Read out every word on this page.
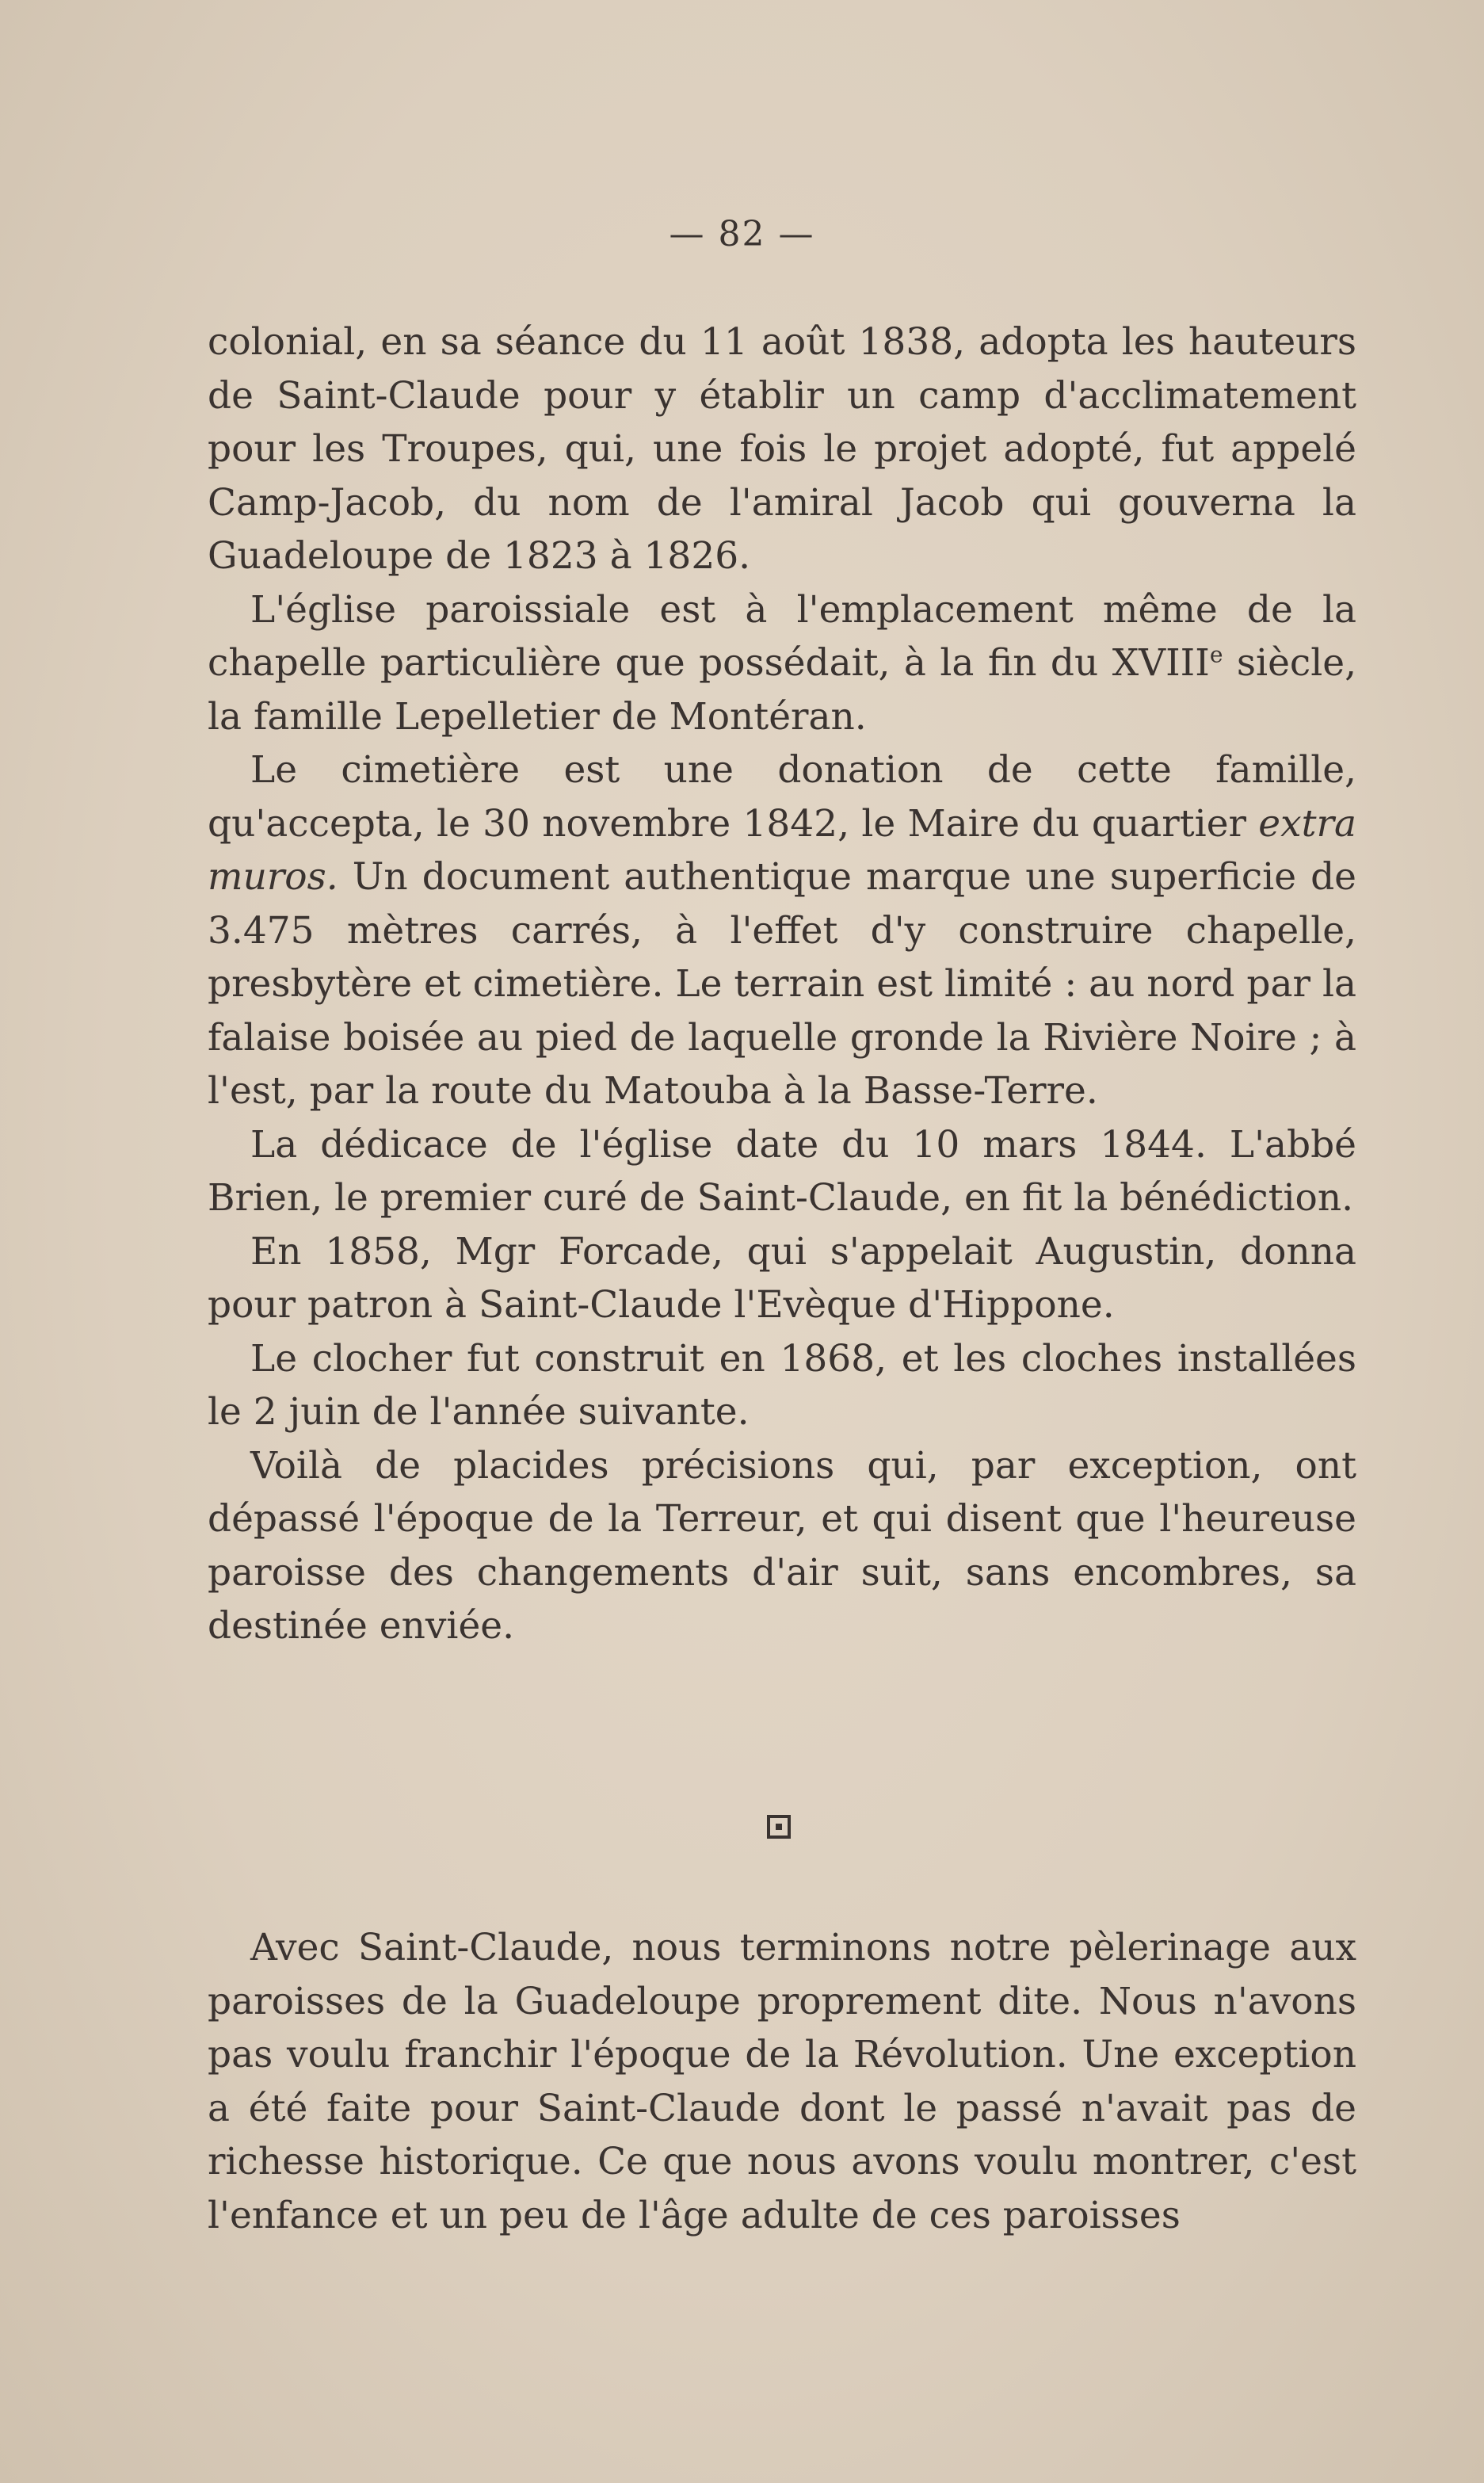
— 82 —

colonial, en sa séance du 11 août 1838, adopta les hauteurs de Saint-Claude pour y établir un camp d'acclimatement pour les Troupes, qui, une fois le projet adopté, fut appelé Camp-Jacob, du nom de l'amiral Jacob qui gouverna la Guadeloupe de 1823 à 1826.

L'église paroissiale est à l'emplacement même de la chapelle particulière que possédait, à la fin du XVIIIe siècle, la famille Lepelletier de Montéran.

Le cimetière est une donation de cette famille, qu'accepta, le 30 novembre 1842, le Maire du quartier extra muros. Un document authentique marque une superficie de 3.475 mètres carrés, à l'effet d'y construire chapelle, presbytère et cimetière. Le terrain est limité : au nord par la falaise boisée au pied de laquelle gronde la Rivière Noire ; à l'est, par la route du Matouba à la Basse-Terre.

La dédicace de l'église date du 10 mars 1844. L'abbé Brien, le premier curé de Saint-Claude, en fit la bénédiction.

En 1858, Mgr Forcade, qui s'appelait Augustin, donna pour patron à Saint-Claude l'Evèque d'Hippone.

Le clocher fut construit en 1868, et les cloches installées le 2 juin de l'année suivante.

Voilà de placides précisions qui, par exception, ont dépassé l'époque de la Terreur, et qui disent que l'heureuse paroisse des changements d'air suit, sans encombres, sa destinée enviée.

Avec Saint-Claude, nous terminons notre pèlerinage aux paroisses de la Guadeloupe proprement dite. Nous n'avons pas voulu franchir l'époque de la Révolution. Une exception a été faite pour Saint-Claude dont le passé n'avait pas de richesse historique. Ce que nous avons voulu montrer, c'est l'enfance et un peu de l'âge adulte de ces paroisses
